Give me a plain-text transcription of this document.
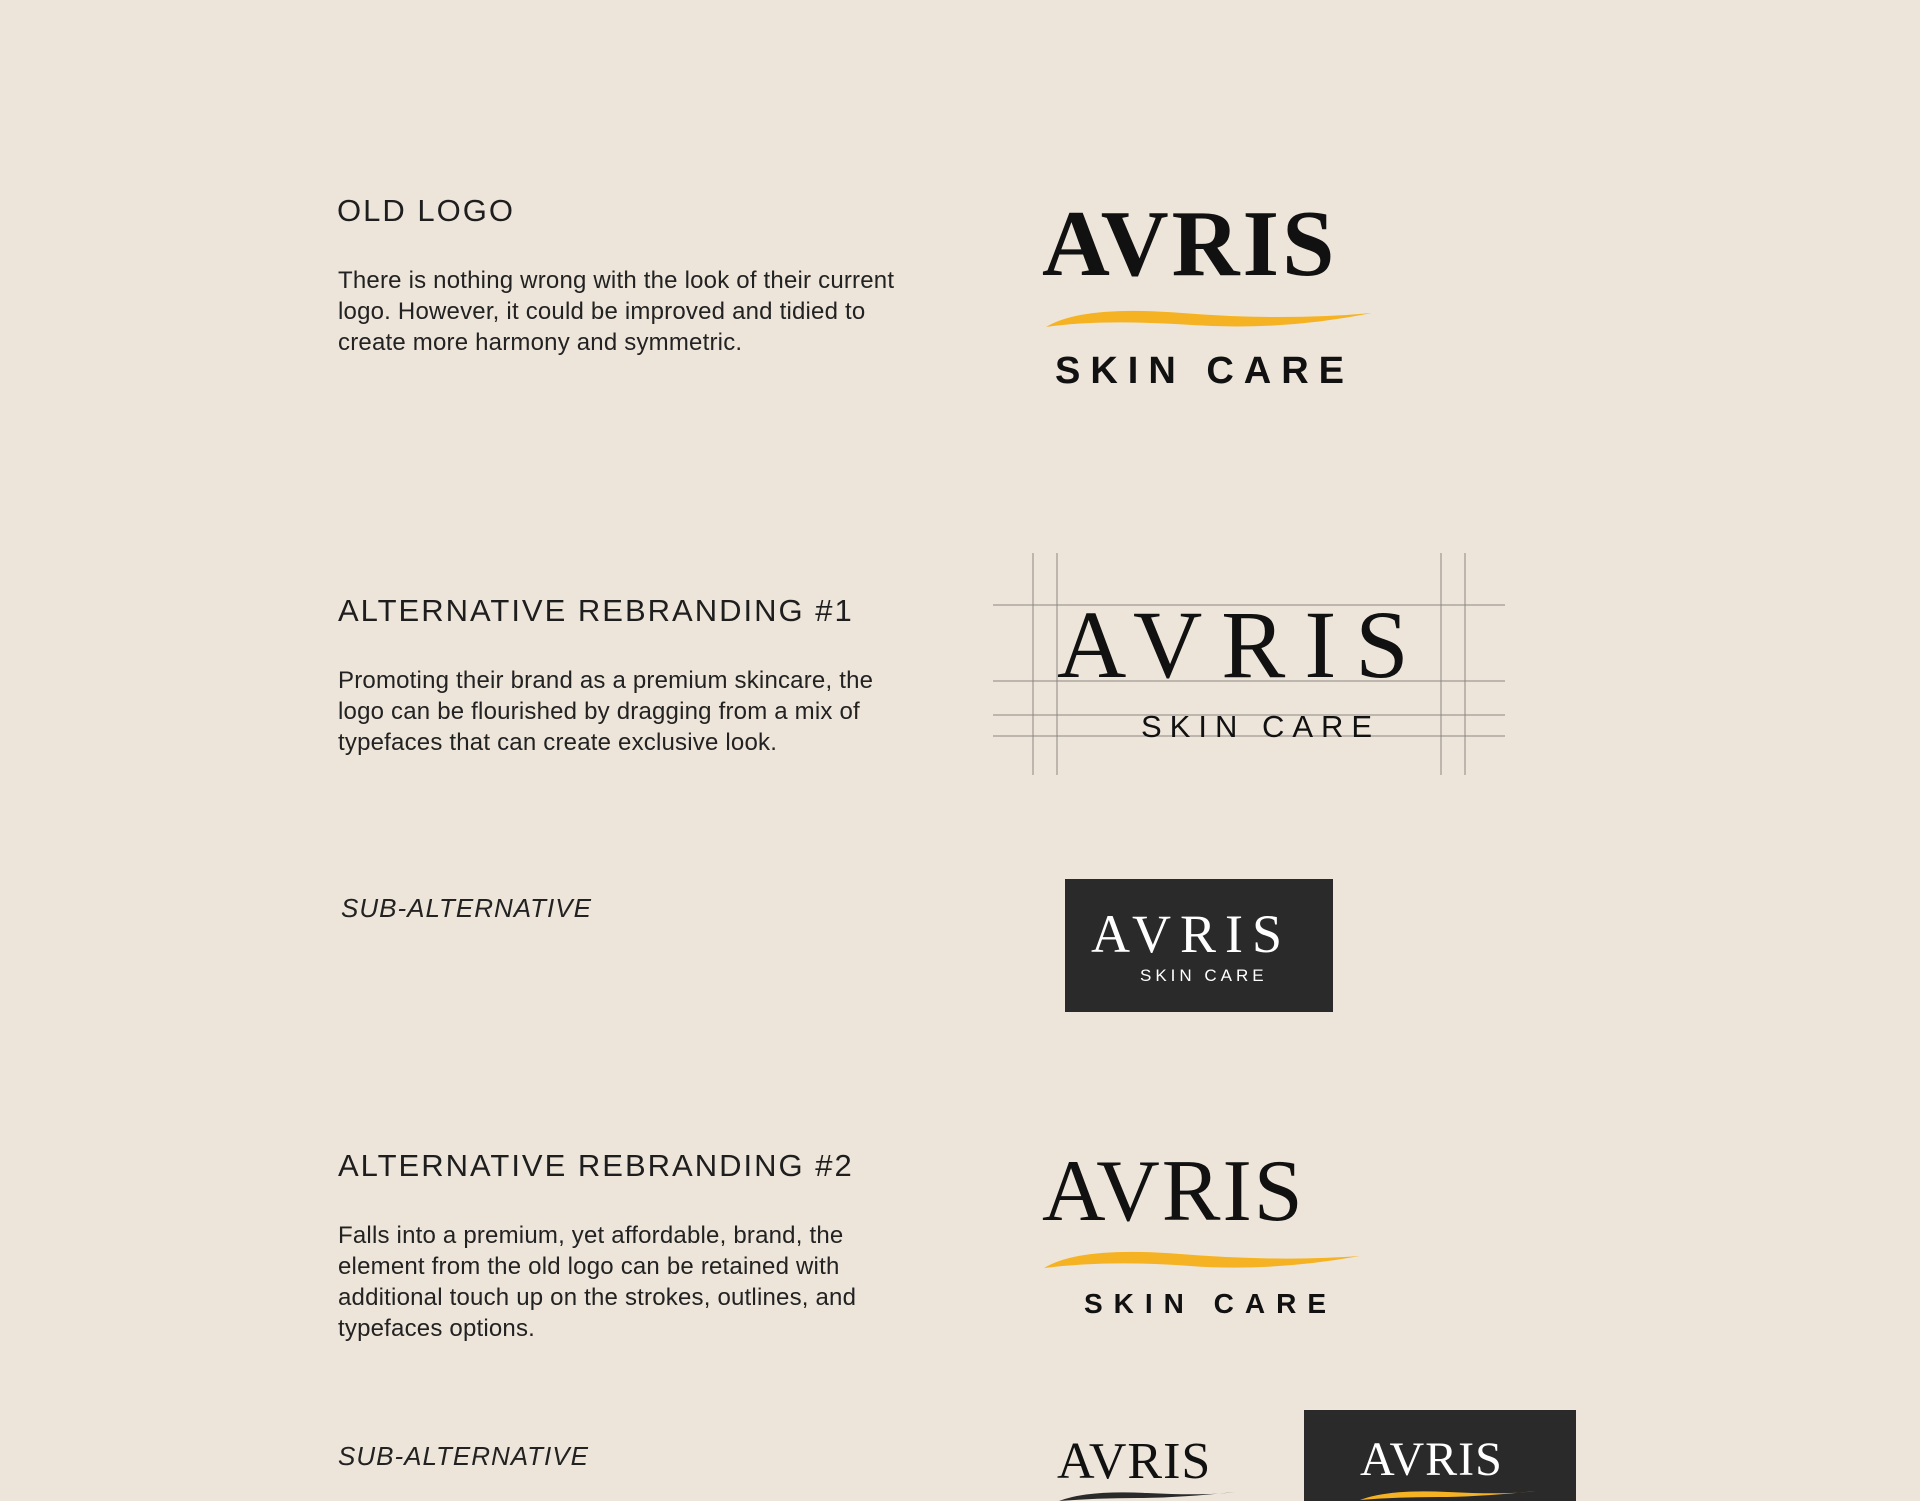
OLD LOGO
There is nothing wrong with the look of their current logo. However, it could be improved and tidied to create more harmony and symmetric.
AVRIS
SKIN CARE
ALTERNATIVE REBRANDING #1
Promoting their brand as a premium skincare, the logo can be flourished by dragging from a mix of typefaces that can create exclusive look.
AVRIS
SKIN CARE
SUB-ALTERNATIVE	AVRIS
SKIN CARE
ALTERNATIVE REBRANDING #2
Falls into a premium, yet affordable, brand, the element from the old logo can be retained with additional touch up on the strokes, outlines, and typefaces options.
AVRIS
SKIN CARE
SUB-ALTERNATIVE	AVRIS	AVRIS
